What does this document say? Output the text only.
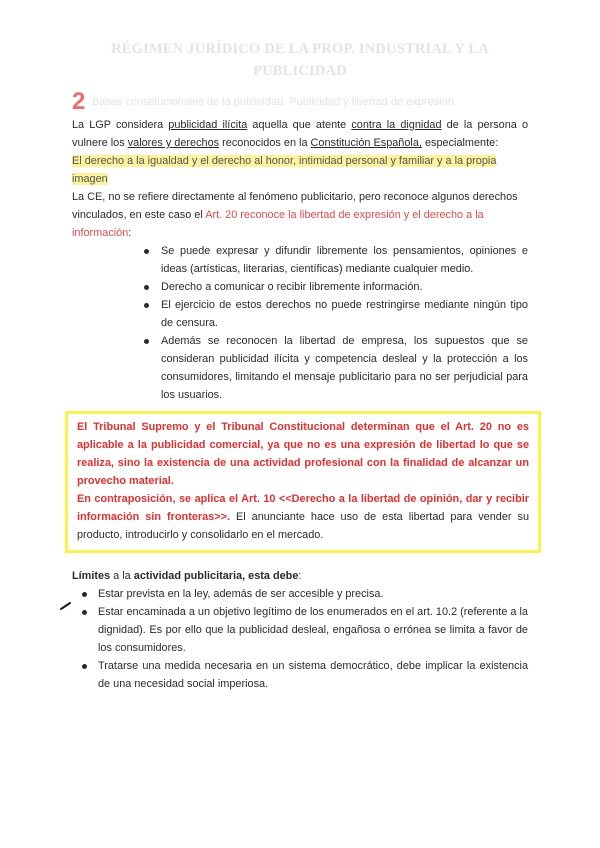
RÉGIMEN JURÍDICO DE LA PROP. INDUSTRIAL Y LA PUBLICIDAD
2 Bases constitucionales de la publicidad. Publicidad y libertad de expresión.

La LGP considera publicidad ilícita aquella que atente contra la dignidad de la persona o vulnere los valores y derechos reconocidos en la Constitución Española, especialmente:

El derecho a la igualdad y el derecho al honor, intimidad personal y familiar y a la propia imagen

La CE, no se refiere directamente al fenómeno publicitario, pero reconoce algunos derechos vinculados, en este caso el Art. 20 reconoce la libertad de expresión y el derecho a la información:

Se puede expresar y difundir libremente los pensamientos, opiniones e ideas (artísticas, literarias, científicas) mediante cualquier medio.
Derecho a comunicar o recibir libremente información.
El ejercicio de estos derechos no puede restringirse mediante ningún tipo de censura.
Además se reconocen la libertad de empresa, los supuestos que se consideran publicidad ilícita y competencia desleal y la protección a los consumidores, limitando el mensaje publicitario para no ser perjudicial para los usuarios.

El Tribunal Supremo y el Tribunal Constitucional determinan que el Art. 20 no es aplicable a la publicidad comercial, ya que no es una expresión de libertad lo que se realiza, sino la existencia de una actividad profesional con la finalidad de alcanzar un provecho material.

En contraposición, se aplica el Art. 10 <<Derecho a la libertad de opinión, dar y recibir información sin fronteras>>. El anunciante hace uso de esta libertad para vender su producto, introducirlo y consolidarlo en el mercado.

Límites a la actividad publicitaria, esta debe:

Estar prevista en la ley, además de ser accesible y precisa.
Estar encaminada a un objetivo legítimo de los enumerados en el art. 10.2 (referente a la dignidad). Es por ello que la publicidad desleal, engañosa o errónea se limita a favor de los consumidores.
Tratarse una medida necesaria en un sistema democrático, debe implicar la existencia de una necesidad social imperiosa.
